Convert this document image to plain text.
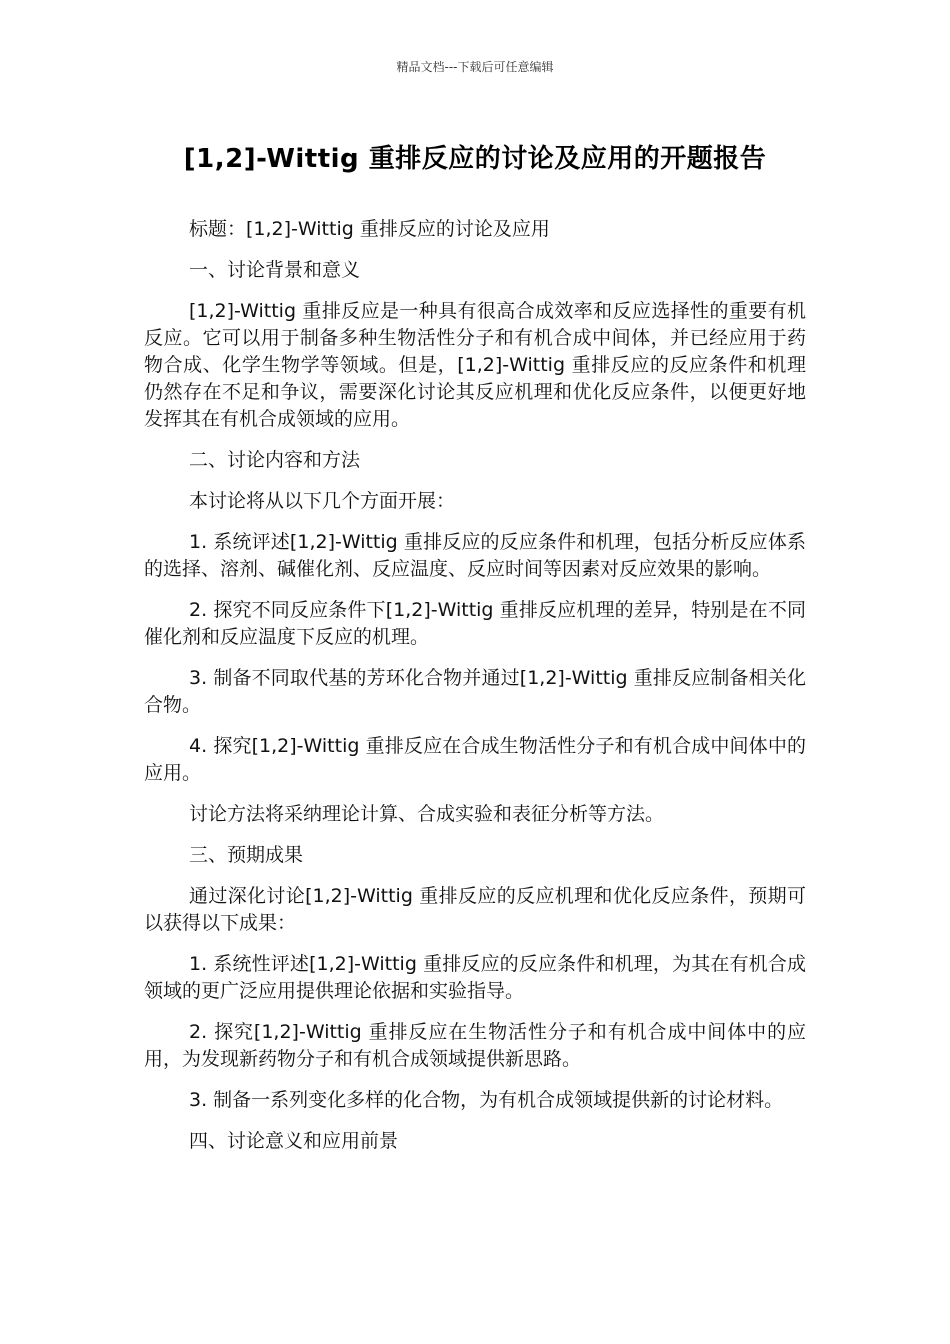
精品文档---下载后可任意编辑
[1,2]-Wittig 重排反应的讨论及应用的开题报告

标题：[1,2]-Wittig 重排反应的讨论及应用

一、讨论背景和意义

[1,2]-Wittig 重排反应是一种具有很高合成效率和反应选择性的重要有机反应。它可以用于制备多种生物活性分子和有机合成中间体，并已经应用于药物合成、化学生物学等领域。但是，[1,2]-Wittig 重排反应的反应条件和机理仍然存在不足和争议，需要深化讨论其反应机理和优化反应条件，以便更好地发挥其在有机合成领域的应用。

二、讨论内容和方法

本讨论将从以下几个方面开展：

1. 系统评述[1,2]-Wittig 重排反应的反应条件和机理，包括分析反应体系的选择、溶剂、碱催化剂、反应温度、反应时间等因素对反应效果的影响。

2. 探究不同反应条件下[1,2]-Wittig 重排反应机理的差异，特别是在不同催化剂和反应温度下反应的机理。

3. 制备不同取代基的芳环化合物并通过[1,2]-Wittig 重排反应制备相关化合物。

4. 探究[1,2]-Wittig 重排反应在合成生物活性分子和有机合成中间体中的应用。

讨论方法将采纳理论计算、合成实验和表征分析等方法。

三、预期成果

通过深化讨论[1,2]-Wittig 重排反应的反应机理和优化反应条件，预期可以获得以下成果：

1. 系统性评述[1,2]-Wittig 重排反应的反应条件和机理，为其在有机合成领域的更广泛应用提供理论依据和实验指导。

2. 探究[1,2]-Wittig 重排反应在生物活性分子和有机合成中间体中的应用，为发现新药物分子和有机合成领域提供新思路。

3. 制备一系列变化多样的化合物，为有机合成领域提供新的讨论材料。

四、讨论意义和应用前景
